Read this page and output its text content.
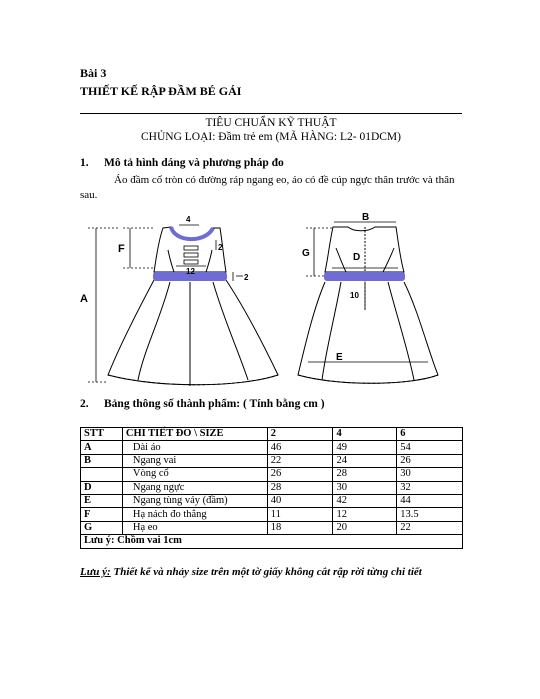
Bài 3
THIẾT KẾ RẬP ĐẦM BÉ GÁI
TIÊU CHUẨN KỸ THUẬT
CHỦNG LOẠI: Đầm trẻ em (MÃ HÀNG: L2- 01DCM)
1. Mô tả hình dáng và phương pháp đo
Áo đầm cổ tròn có đường ráp ngang eo, áo có đề cúp ngực thân trước và thân sau.
4
2
12
2
F
A
B
G	D
10
E
2. Bảng thông số thành phẩm: ( Tính bằng cm )
STT	CHI TIẾT ĐO \ SIZE	2	4	6
A	Dài áo	46	49	54
B	Ngang vai	22	24	26
	Vòng cổ	26	28	30
D	Ngang ngực	28	30	32
E	Ngang tùng váy (đầm)	40	42	44
F	Hạ nách đo thẳng	11	12	13.5
G	Hạ eo	18	20	22
Lưu ý: Chồm vai 1cm				
Lưu ý: Thiết kế và nhảy size trên một tờ giấy không cắt rập rời từng chi tiết
